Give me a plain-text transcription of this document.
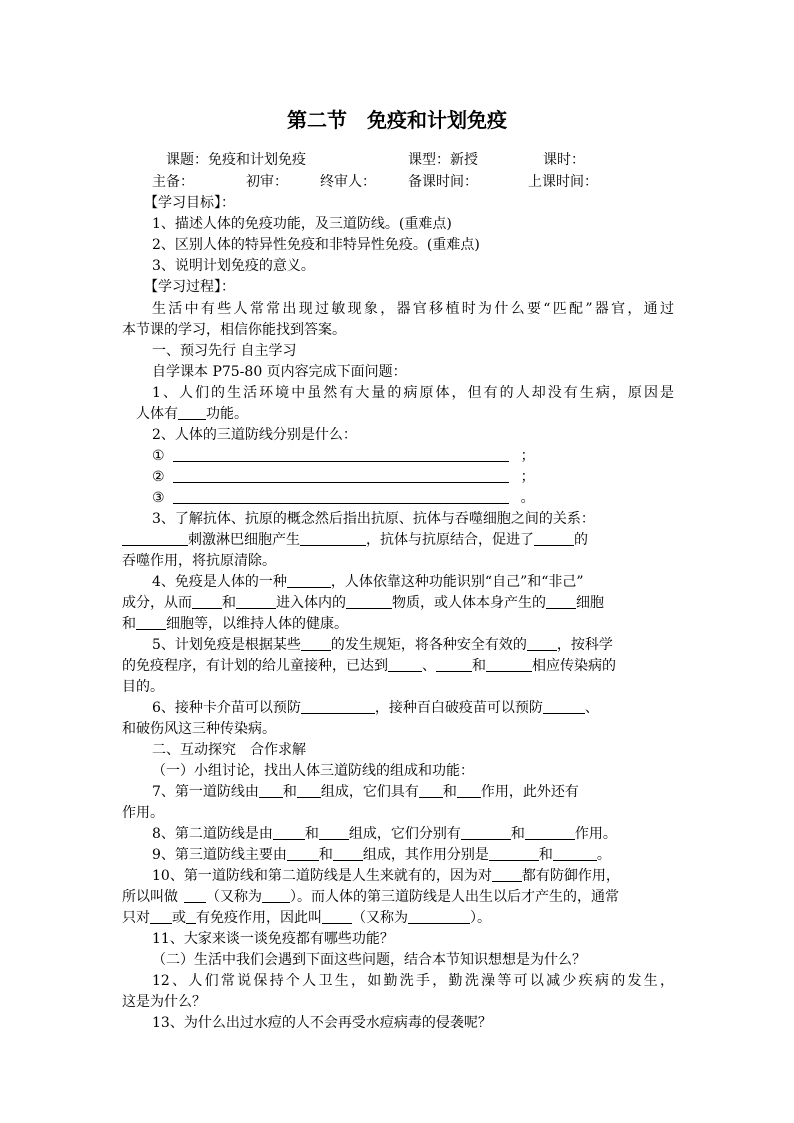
第二节　免疫和计划免疫
课题：免疫和计划免疫	课型：新授	课时：
主备：	初审： 终审人： 备课时间：	上课时间：
【学习目标】：
1、描述人体的免疫功能，及三道防线。(重难点)
2、区别人体的特异性免疫和非特异性免疫。(重难点)
3、说明计划免疫的意义。
【学习过程】：
生活中有些人常常出现过敏现象，器官移植时为什么要“匹配”器官，通过
本节课的学习，相信你能找到答案。
一、预习先行 自主学习
自学课本 P75-80 页内容完成下面问题：
1、人们的生活环境中虽然有大量的病原体，但有的人却没有生病，原因是
人体有 功能。
2、人体的三道防线分别是什么：
①	；
②	；
③	。
3、了解抗体、抗原的概念然后指出抗原、抗体与吞噬细胞之间的关系：
刺激淋巴细胞产生	，抗体与抗原结合，促进了	的
吞噬作用，将抗原清除。
4、免疫是人体的一种	，人体依靠这种功能识别“自己”和“非己”
成分，从而 和	进入体内的	物质，或人体本身产生的 细胞
和 细胞等，以维持人体的健康。
5、计划免疫是根据某些 的发生规矩，将各种安全有效的 ，按科学
的免疫程序，有计划的给儿童接种，已达到 、	和	相应传染病的
目的。
6、接种卡介苗可以预防	，接种百白破疫苗可以预防	、
和破伤风这三种传染病。
二、互动探究　合作求解
（一）小组讨论，找出人体三道防线的组成和功能：
7、第一道防线由 和 组成，它们具有 和 作用，此外还有
作用。
8、第二道防线是由 和 组成，它们分别有	和	作用。
9、第三道防线主要由 和 组成，其作用分别是	和	。
10、第一道防线和第二道防线是人生来就有的，因为对 都有防御作用，
所以叫做 （又称为 ）。而人体的第三道防线是人出生以后才产生的，通常
只对 或 有免疫作用，因此叫 （又称为	）。
11、大家来谈一谈免疫都有哪些功能？
（二）生活中我们会遇到下面这些问题，结合本节知识想想是为什么？
12、人们常说保持个人卫生，如勤洗手，勤洗澡等可以减少疾病的发生，
这是为什么？
13、为什么出过水痘的人不会再受水痘病毒的侵袭呢？
